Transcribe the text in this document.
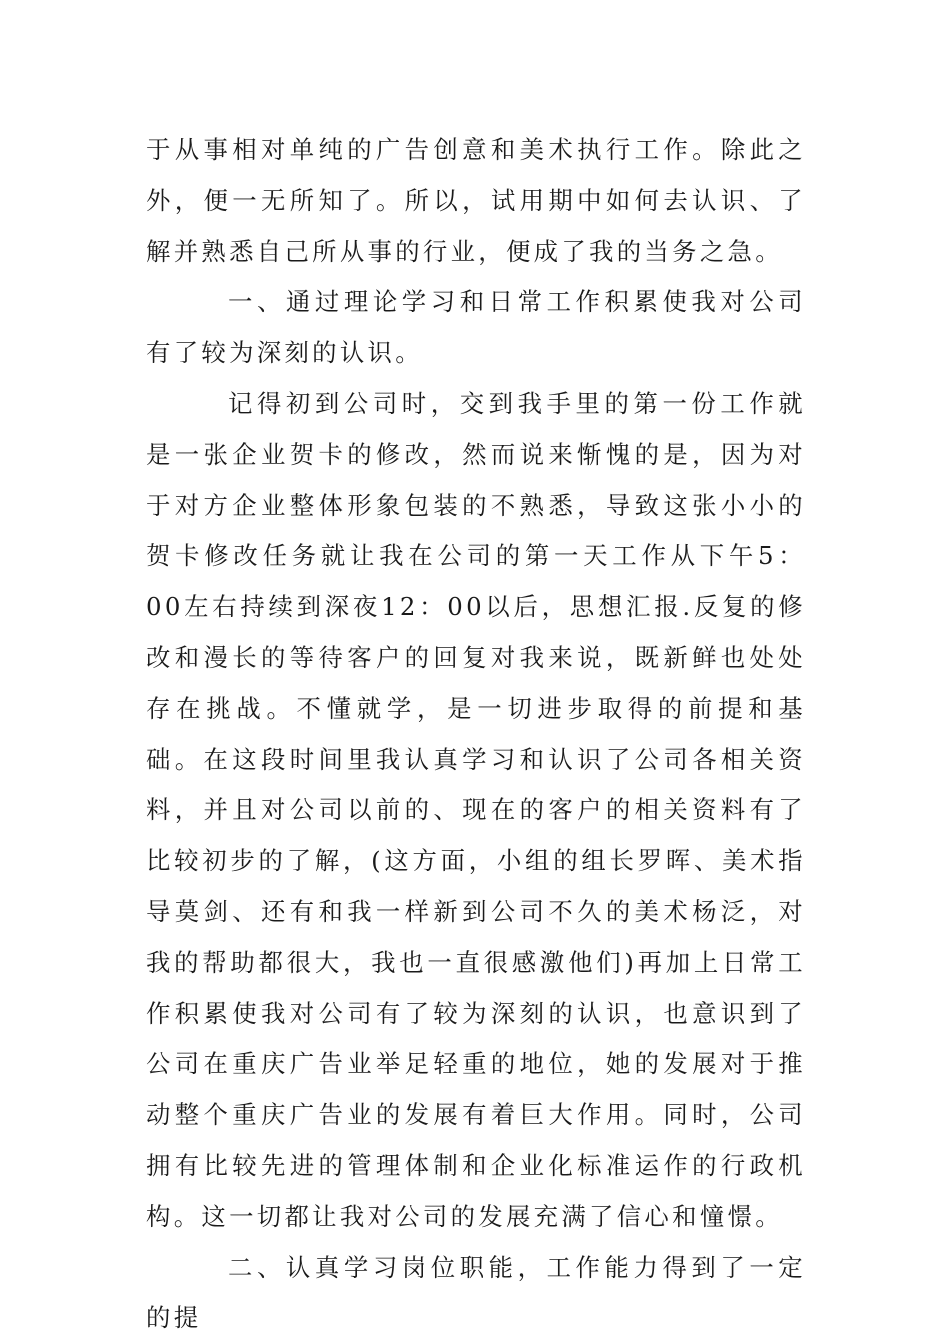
于从事相对单纯的广告创意和美术执行工作。除此之外，便一无所知了。所以，试用期中如何去认识、了解并熟悉自己所从事的行业，便成了我的当务之急。

一、通过理论学习和日常工作积累使我对公司有了较为深刻的认识。

记得初到公司时，交到我手里的第一份工作就是一张企业贺卡的修改，然而说来惭愧的是，因为对于对方企业整体形象包装的不熟悉，导致这张小小的贺卡修改任务就让我在公司的第一天工作从下午5：00左右持续到深夜12：00以后，思想汇报.反复的修改和漫长的等待客户的回复对我来说，既新鲜也处处存在挑战。不懂就学，是一切进步取得的前提和基础。在这段时间里我认真学习和认识了公司各相关资料，并且对公司以前的、现在的客户的相关资料有了比较初步的了解，(这方面，小组的组长罗晖、美术指导莫剑、还有和我一样新到公司不久的美术杨泛，对我的帮助都很大，我也一直很感激他们)再加上日常工作积累使我对公司有了较为深刻的认识，也意识到了公司在重庆广告业举足轻重的地位，她的发展对于推动整个重庆广告业的发展有着巨大作用。同时，公司拥有比较先进的管理体制和企业化标准运作的行政机构。这一切都让我对公司的发展充满了信心和憧憬。

二、认真学习岗位职能，工作能力得到了一定的提
